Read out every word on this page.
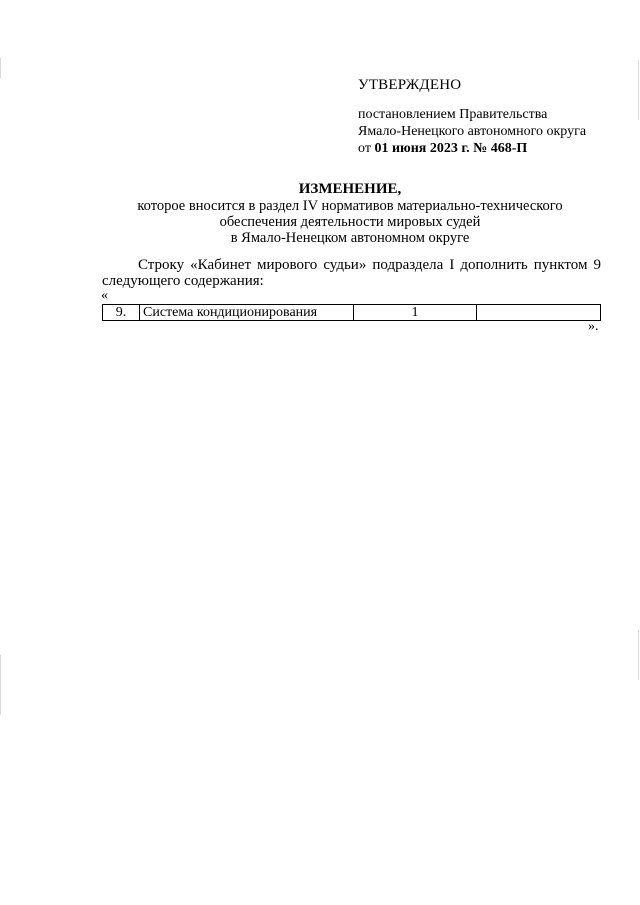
УТВЕРЖДЕНО
постановлением Правительства
Ямало-Ненецкого автономного округа
от 01 июня 2023 г. № 468-П
ИЗМЕНЕНИЕ,
которое вносится в раздел IV нормативов материально-технического
обеспечения деятельности мировых судей
в Ямало-Ненецком автономном округе
Строку «Кабинет мирового судьи» подраздела I дополнить пунктом 9
следующего содержания:
«
9.	Система кондиционирования	1	
».
